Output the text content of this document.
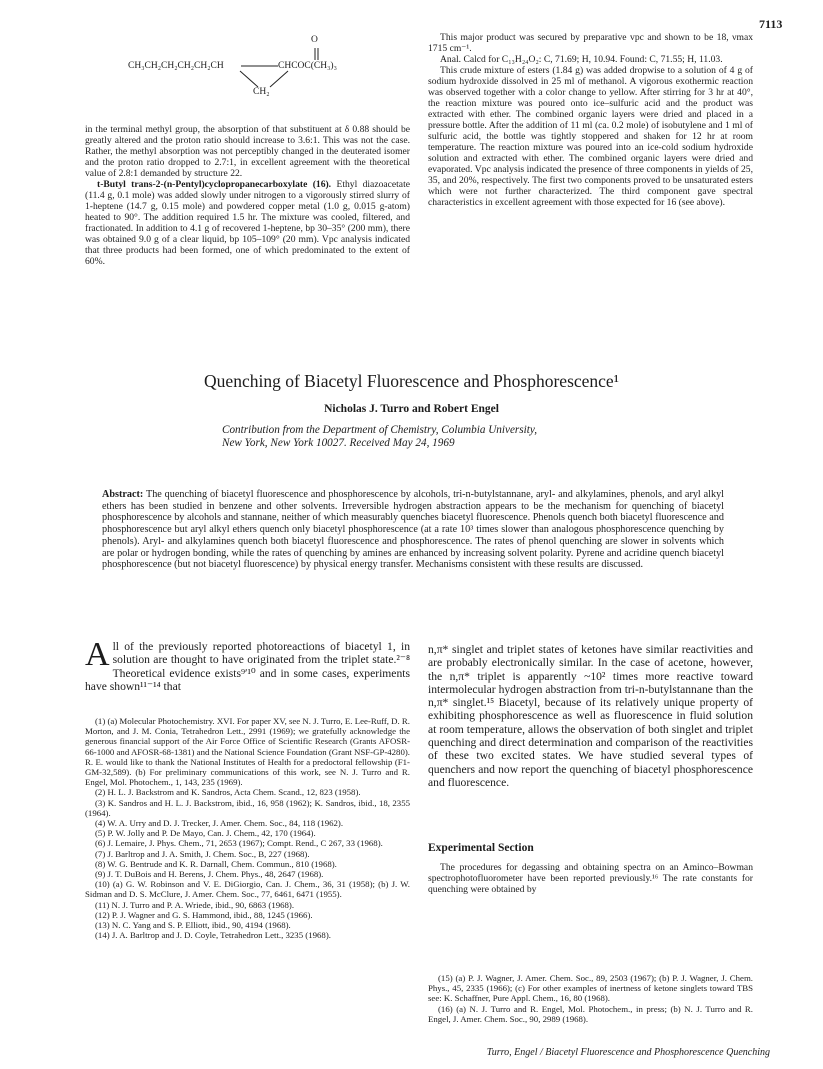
7113
O
CH₃CH₂CH₂CH₂CH₂CH	CHCOC(CH₃)₃
CH₂

in the terminal methyl group, the absorption of that substituent at δ 0.88 should be greatly altered and the proton ratio should increase to 3.6:1. This was not the case. Rather, the methyl absorption was not perceptibly changed in the deuterated isomer and the proton ratio dropped to 2.7:1, in excellent agreement with the theoretical value of 2.8:1 demanded by structure 22.

t-Butyl trans-2-(n-Pentyl)cyclopropanecarboxylate (16). Ethyl diazoacetate (11.4 g, 0.1 mole) was added slowly under nitrogen to a vigorously stirred slurry of 1-heptene (14.7 g, 0.15 mole) and powdered copper metal (1.0 g, 0.015 g-atom) heated to 90°. The addition required 1.5 hr. The mixture was cooled, filtered, and fractionated. In addition to 4.1 g of recovered 1-heptene, bp 30–35° (200 mm), there was obtained 9.0 g of a clear liquid, bp 105–109° (20 mm). Vpc analysis indicated that three products had been formed, one of which predominated to the extent of 60%.

This major product was secured by preparative vpc and shown to be 18, νmax 1715 cm⁻¹.

Anal. Calcd for C₁₃H₂₄O₂: C, 71.69; H, 10.94. Found: C, 71.55; H, 11.03.

This crude mixture of esters (1.84 g) was added dropwise to a solution of 4 g of sodium hydroxide dissolved in 25 ml of methanol. A vigorous exothermic reaction was observed together with a color change to yellow. After stirring for 3 hr at 40°, the reaction mixture was poured onto ice–sulfuric acid and the product was extracted with ether. The combined organic layers were dried and placed in a pressure bottle. After the addition of 11 ml (ca. 0.2 mole) of isobutylene and 1 ml of sulfuric acid, the bottle was tightly stoppered and shaken for 12 hr at room temperature. The reaction mixture was poured into an ice-cold sodium hydroxide solution and extracted with ether. The combined organic layers were dried and evaporated. Vpc analysis indicated the presence of three components in yields of 25, 35, and 20%, respectively. The first two components proved to be unsaturated esters which were not further characterized. The third component gave spectral characteristics in excellent agreement with those expected for 16 (see above).

Quenching of Biacetyl Fluorescence and Phosphorescence¹
Nicholas J. Turro and Robert Engel
Contribution from the Department of Chemistry, Columbia University,
New York, New York 10027. Received May 24, 1969
Abstract: The quenching of biacetyl fluorescence and phosphorescence by alcohols, tri-n-butylstannane, aryl- and alkylamines, phenols, and aryl alkyl ethers has been studied in benzene and other solvents. Irreversible hydrogen abstraction appears to be the mechanism for quenching of biacetyl phosphorescence by alcohols and stannane, neither of which measurably quenches biacetyl fluorescence. Phenols quench both biacetyl fluorescence and phosphorescence but aryl alkyl ethers quench only biacetyl phosphorescence (at a rate 10³ times slower than analogous phosphorescence quenching by phenols). Aryl- and alkylamines quench both biacetyl fluorescence and phosphorescence. The rates of phenol quenching are slower in solvents which are polar or hydrogen bonding, while the rates of quenching by amines are enhanced by increasing solvent polarity. Pyrene and acridine quench biacetyl phosphorescence (but not biacetyl fluorescence) by physical energy transfer. Mechanisms consistent with these results are discussed.
A ll of the previously reported photoreactions of biacetyl 1, in solution are thought to have originated from the triplet state.²⁻⁸ Theoretical evidence exists⁹ʹ¹⁰ and in some cases, experiments have shown¹¹⁻¹⁴ that
(1) (a) Molecular Photochemistry. XVI. For paper XV, see N. J. Turro, E. Lee-Ruff, D. R. Morton, and J. M. Conia, Tetrahedron Lett., 2991 (1969); we gratefully acknowledge the generous financial support of the Air Force Office of Scientific Research (Grants AFOSR-66-1000 and AFOSR-68-1381) and the National Science Foundation (Grant NSF-GP-4280). R. E. would like to thank the National Institutes of Health for a predoctoral fellowship (F1-GM-32,589). (b) For preliminary communications of this work, see N. J. Turro and R. Engel, Mol. Photochem., 1, 143, 235 (1969).
(2) H. L. J. Backstrom and K. Sandros, Acta Chem. Scand., 12, 823 (1958).
(3) K. Sandros and H. L. J. Backstrom, ibid., 16, 958 (1962); K. Sandros, ibid., 18, 2355 (1964).
(4) W. A. Urry and D. J. Trecker, J. Amer. Chem. Soc., 84, 118 (1962).
(5) P. W. Jolly and P. De Mayo, Can. J. Chem., 42, 170 (1964).
(6) J. Lemaire, J. Phys. Chem., 71, 2653 (1967); Compt. Rend., C 267, 33 (1968).
(7) J. Barltrop and J. A. Smith, J. Chem. Soc., B, 227 (1968).
(8) W. G. Bentrude and K. R. Darnall, Chem. Commun., 810 (1968).
(9) J. T. DuBois and H. Berens, J. Chem. Phys., 48, 2647 (1968).
(10) (a) G. W. Robinson and V. E. DiGiorgio, Can. J. Chem., 36, 31 (1958); (b) J. W. Sidman and D. S. McClure, J. Amer. Chem. Soc., 77, 6461, 6471 (1955).
(11) N. J. Turro and P. A. Wriede, ibid., 90, 6863 (1968).
(12) P. J. Wagner and G. S. Hammond, ibid., 88, 1245 (1966).
(13) N. C. Yang and S. P. Elliott, ibid., 90, 4194 (1968).
(14) J. A. Barltrop and J. D. Coyle, Tetrahedron Lett., 3235 (1968).

n,π* singlet and triplet states of ketones have similar reactivities and are probably electronically similar. In the case of acetone, however, the n,π* triplet is apparently ~10² times more reactive toward intermolecular hydrogen abstraction from tri-n-butylstannane than the n,π* singlet.¹⁵ Biacetyl, because of its relatively unique property of exhibiting phosphorescence as well as fluorescence in fluid solution at room temperature, allows the observation of both singlet and triplet quenching and direct determination and comparison of the reactivities of these two excited states. We have studied several types of quenchers and now report the quenching of biacetyl phosphorescence and fluorescence.

Experimental Section

The procedures for degassing and obtaining spectra on an Aminco–Bowman spectrophotofluorometer have been reported previously.¹⁶ The rate constants for quenching were obtained by

(15) (a) P. J. Wagner, J. Amer. Chem. Soc., 89, 2503 (1967); (b) P. J. Wagner, J. Chem. Phys., 45, 2335 (1966); (c) For other examples of inertness of ketone singlets toward TBS see: K. Schaffner, Pure Appl. Chem., 16, 80 (1968).
(16) (a) N. J. Turro and R. Engel, Mol. Photochem., in press; (b) N. J. Turro and R. Engel, J. Amer. Chem. Soc., 90, 2989 (1968).
Turro, Engel / Biacetyl Fluorescence and Phosphorescence Quenching
